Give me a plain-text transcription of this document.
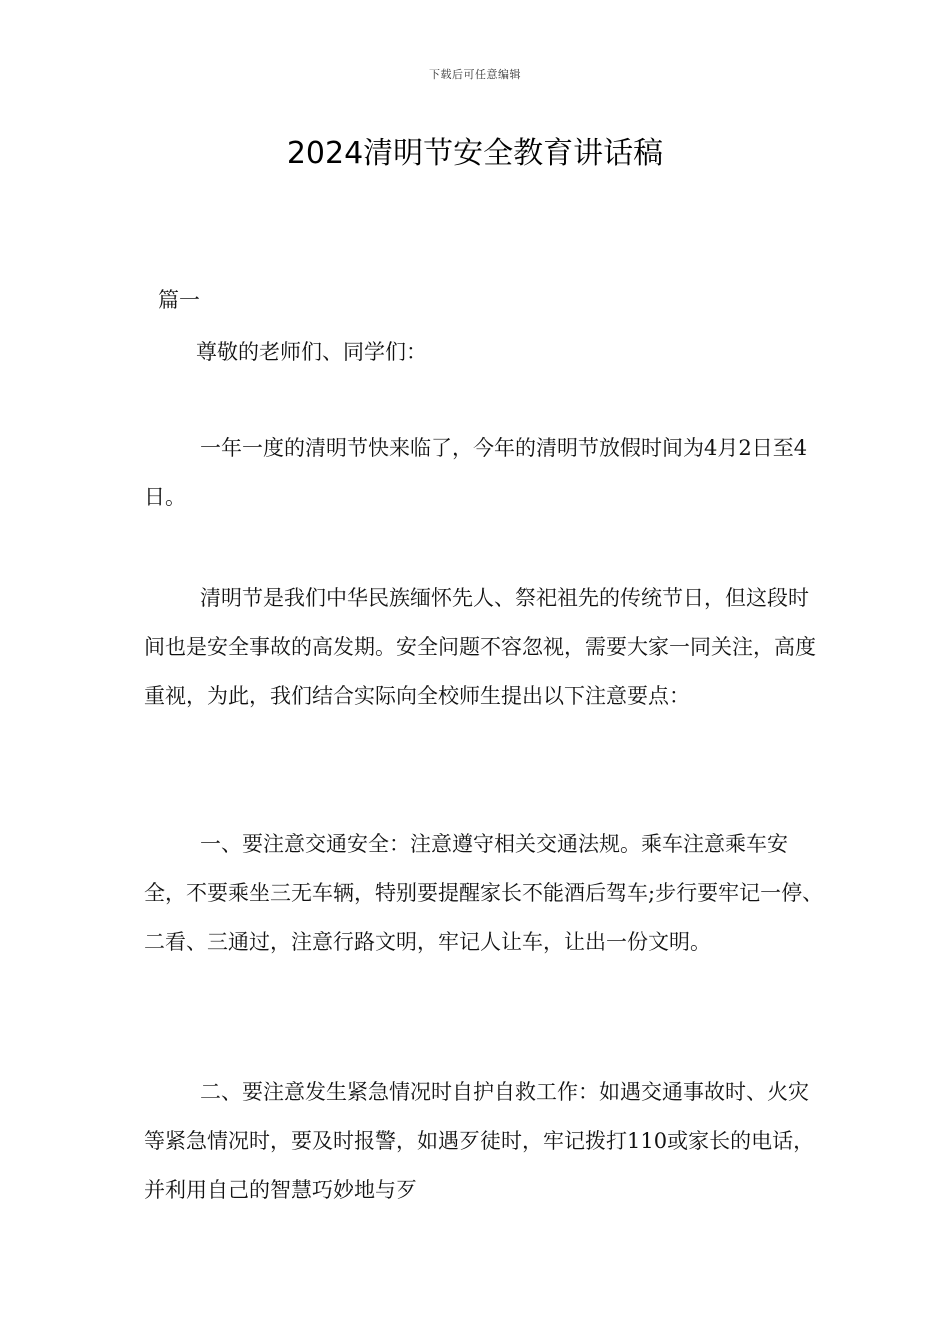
下载后可任意编辑
2024清明节安全教育讲话稿
篇一
尊敬的老师们、同学们：

一年一度的清明节快来临了，今年的清明节放假时间为4月2日至4日。

清明节是我们中华民族缅怀先人、祭祀祖先的传统节日，但这段时间也是安全事故的高发期。安全问题不容忽视，需要大家一同关注，高度重视，为此，我们结合实际向全校师生提出以下注意要点：

一、要注意交通安全：注意遵守相关交通法规。乘车注意乘车安全，不要乘坐三无车辆，特别要提醒家长不能酒后驾车;步行要牢记一停、二看、三通过，注意行路文明，牢记人让车，让出一份文明。

二、要注意发生紧急情况时自护自救工作：如遇交通事故时、火灾等紧急情况时，要及时报警，如遇歹徒时，牢记拨打110或家长的电话，并利用自己的智慧巧妙地与歹
